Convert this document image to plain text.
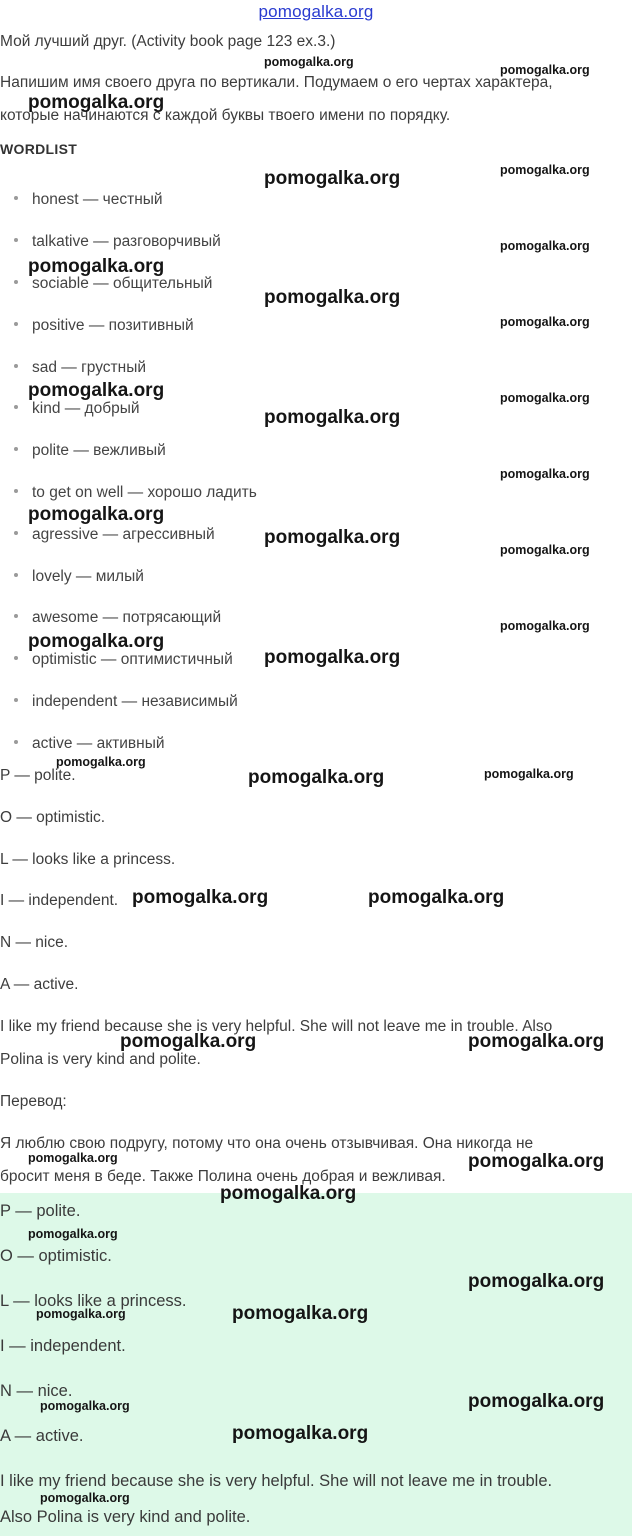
pomogalka.org
Мой лучший друг. (Activity book page 123 ex.3.)
Напишим имя своего друга по вертикали. Подумаем о его чертах характера,
которые начинаются с каждой буквы твоего имени по порядку.
WORDLIST
honest — честный
talkative — разговорчивый
sociable — общительный
positive — позитивный
sad — грустный
kind — добрый
polite — вежливый
to get on well — хорошо ладить
agressive — агрессивный
lovely — милый
awesome — потрясающий
optimistic — оптимистичный
independent — независимый
active — активный
P — polite.
O — optimistic.
L — looks like a princess.
I — independent.
N — nice.
A — active.
I like my friend because she is very helpful. She will not leave me in trouble. Also
Polina is very kind and polite.
Перевод:
Я люблю свою подругу, потому что она очень отзывчивая. Она никогда не
бросит меня в беде. Также Полина очень добрая и вежливая.
P — polite.
O — optimistic.
L — looks like a princess.
I — independent.
N — nice.
A — active.
I like my friend because she is very helpful. She will not leave me in trouble.
Also Polina is very kind and polite.
pomogalka.org
pomogalka.org
pomogalka.org
pomogalka.org
pomogalka.org
pomogalka.org
pomogalka.org
pomogalka.org
pomogalka.org
pomogalka.org	pomogalka.org
pomogalka.org
pomogalka.org
pomogalka.org
pomogalka.org
pomogalka.org
pomogalka.org
pomogalka.org
pomogalka.org
pomogalka.org
pomogalka.org	pomogalka.org
pomogalka.org	pomogalka.org
pomogalka.org	pomogalka.org
pomogalka.org	pomogalka.org
pomogalka.org
pomogalka.org
pomogalka.org
pomogalka.org
pomogalka.org
pomogalka.org
pomogalka.org
pomogalka.org
pomogalka.org
